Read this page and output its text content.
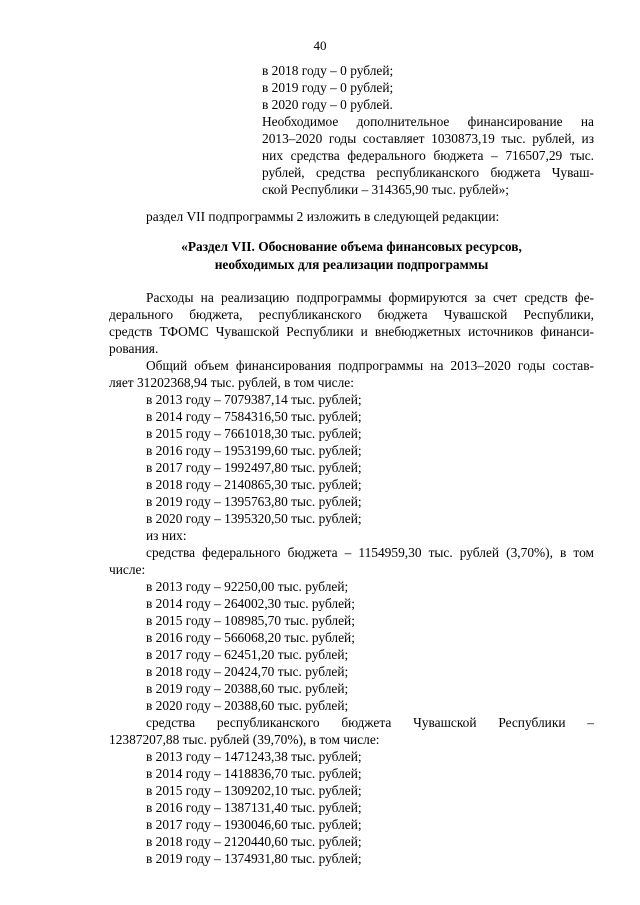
40
в 2018 году – 0 рублей;
в 2019 году – 0 рублей;
в 2020 году – 0 рублей.
Необходимое дополнительное финансирование на
2013–2020 годы составляет 1030873,19 тыс. рублей, из
них средства федерального бюджета – 716507,29 тыс.
рублей, средства республиканского бюджета Чуваш-
ской Республики – 314365,90 тыс. рублей»;
раздел VII подпрограммы 2 изложить в следующей редакции:
«Раздел VII. Обоснование объема финансовых ресурсов,
необходимых для реализации подпрограммы
Расходы на реализацию подпрограммы формируются за счет средств фе-
дерального бюджета, республиканского бюджета Чувашской Республики,
средств ТФОМС Чувашской Республики и внебюджетных источников финанси-
рования.
Общий объем финансирования подпрограммы на 2013–2020 годы состав-
ляет 31202368,94 тыс. рублей, в том числе:
в 2013 году – 7079387,14 тыс. рублей;
в 2014 году – 7584316,50 тыс. рублей;
в 2015 году – 7661018,30 тыс. рублей;
в 2016 году – 1953199,60 тыс. рублей;
в 2017 году – 1992497,80 тыс. рублей;
в 2018 году – 2140865,30 тыс. рублей;
в 2019 году – 1395763,80 тыс. рублей;
в 2020 году – 1395320,50 тыс. рублей;
из них:
средства федерального бюджета – 1154959,30 тыс. рублей (3,70%), в том
числе:
в 2013 году – 92250,00 тыс. рублей;
в 2014 году – 264002,30 тыс. рублей;
в 2015 году – 108985,70 тыс. рублей;
в 2016 году – 566068,20 тыс. рублей;
в 2017 году – 62451,20 тыс. рублей;
в 2018 году – 20424,70 тыс. рублей;
в 2019 году – 20388,60 тыс. рублей;
в 2020 году – 20388,60 тыс. рублей;
средства республиканского бюджета Чувашской Республики –
12387207,88 тыс. рублей (39,70%), в том числе:
в 2013 году – 1471243,38 тыс. рублей;
в 2014 году – 1418836,70 тыс. рублей;
в 2015 году – 1309202,10 тыс. рублей;
в 2016 году – 1387131,40 тыс. рублей;
в 2017 году – 1930046,60 тыс. рублей;
в 2018 году – 2120440,60 тыс. рублей;
в 2019 году – 1374931,80 тыс. рублей;
